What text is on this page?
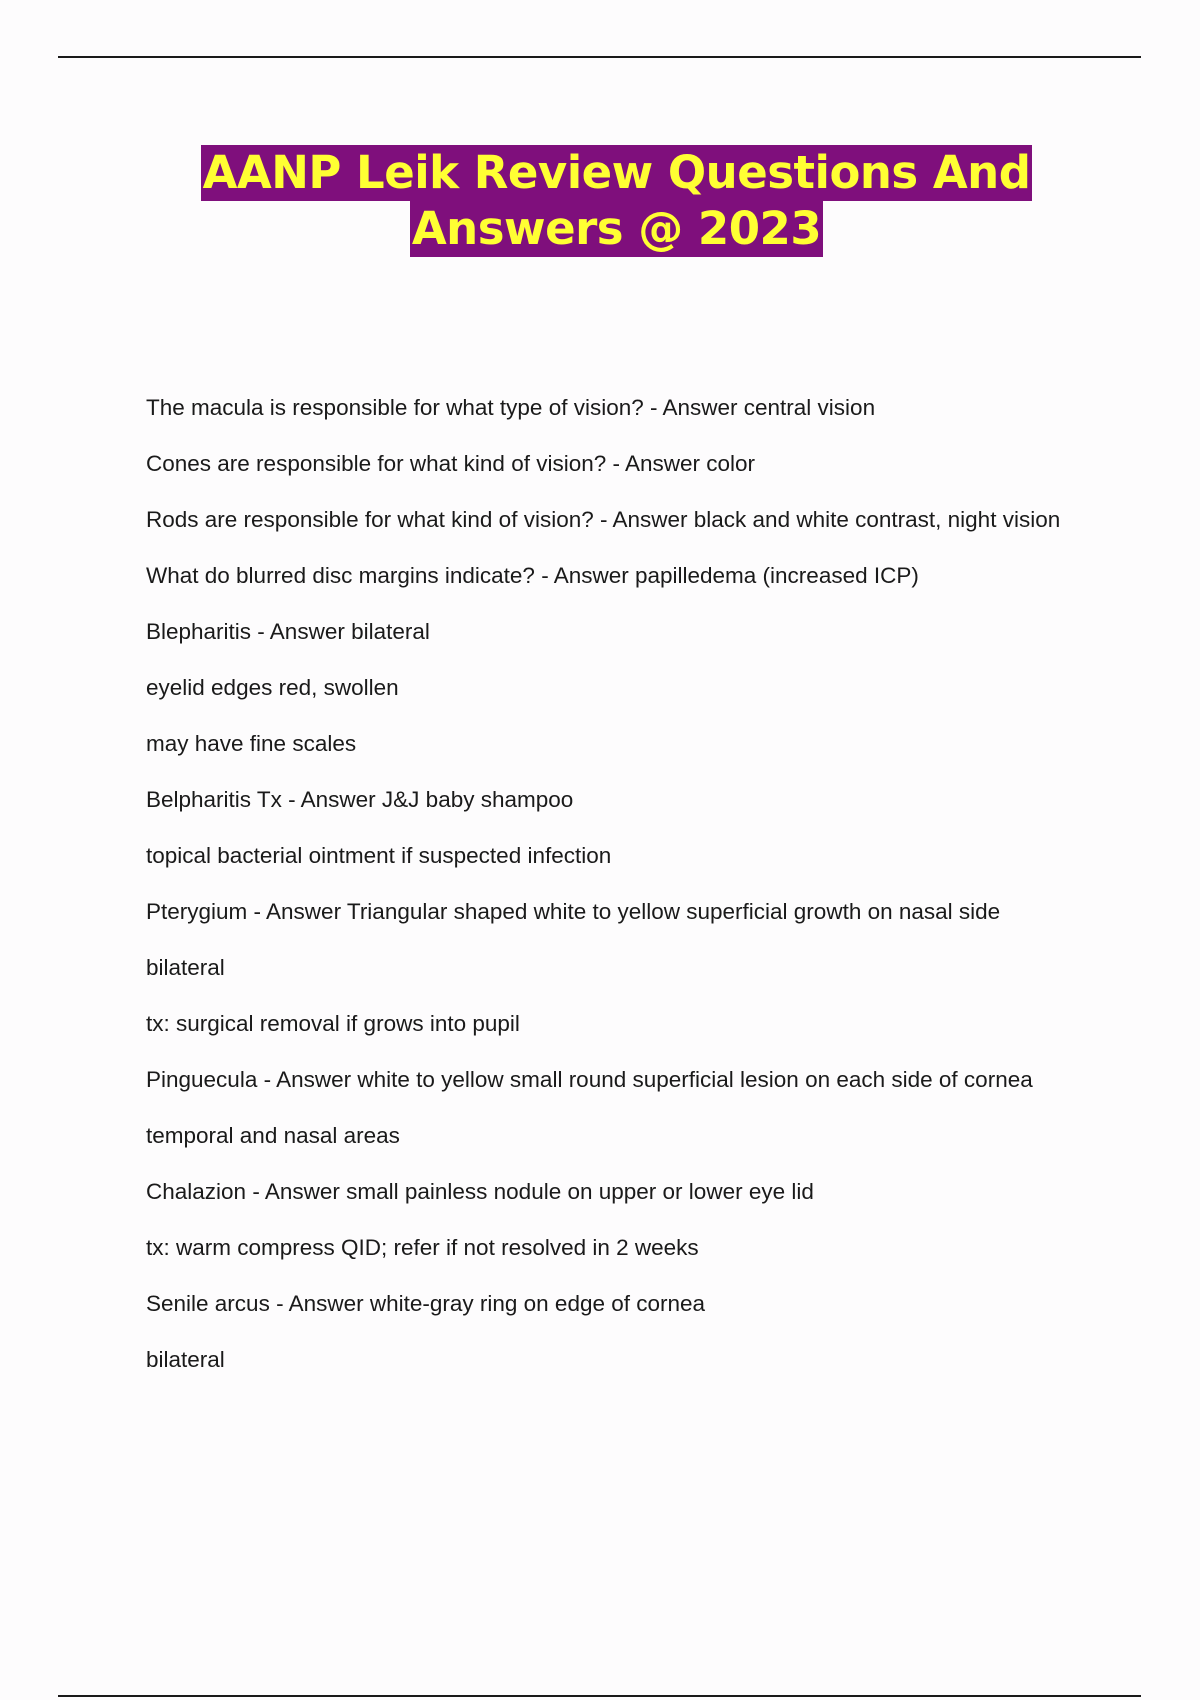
AANP Leik Review Questions And
Answers @ 2023
The macula is responsible for what type of vision? - Answer central vision
Cones are responsible for what kind of vision? - Answer color
Rods are responsible for what kind of vision? - Answer black and white contrast, night vision
What do blurred disc margins indicate? - Answer papilledema (increased ICP)
Blepharitis - Answer bilateral
eyelid edges red, swollen
may have fine scales
Belpharitis Tx - Answer J&J baby shampoo
topical bacterial ointment if suspected infection
Pterygium - Answer Triangular shaped white to yellow superficial growth on nasal side
bilateral
tx: surgical removal if grows into pupil
Pinguecula - Answer white to yellow small round superficial lesion on each side of cornea
temporal and nasal areas
Chalazion - Answer small painless nodule on upper or lower eye lid
tx: warm compress QID; refer if not resolved in 2 weeks
Senile arcus - Answer white-gray ring on edge of cornea
bilateral
